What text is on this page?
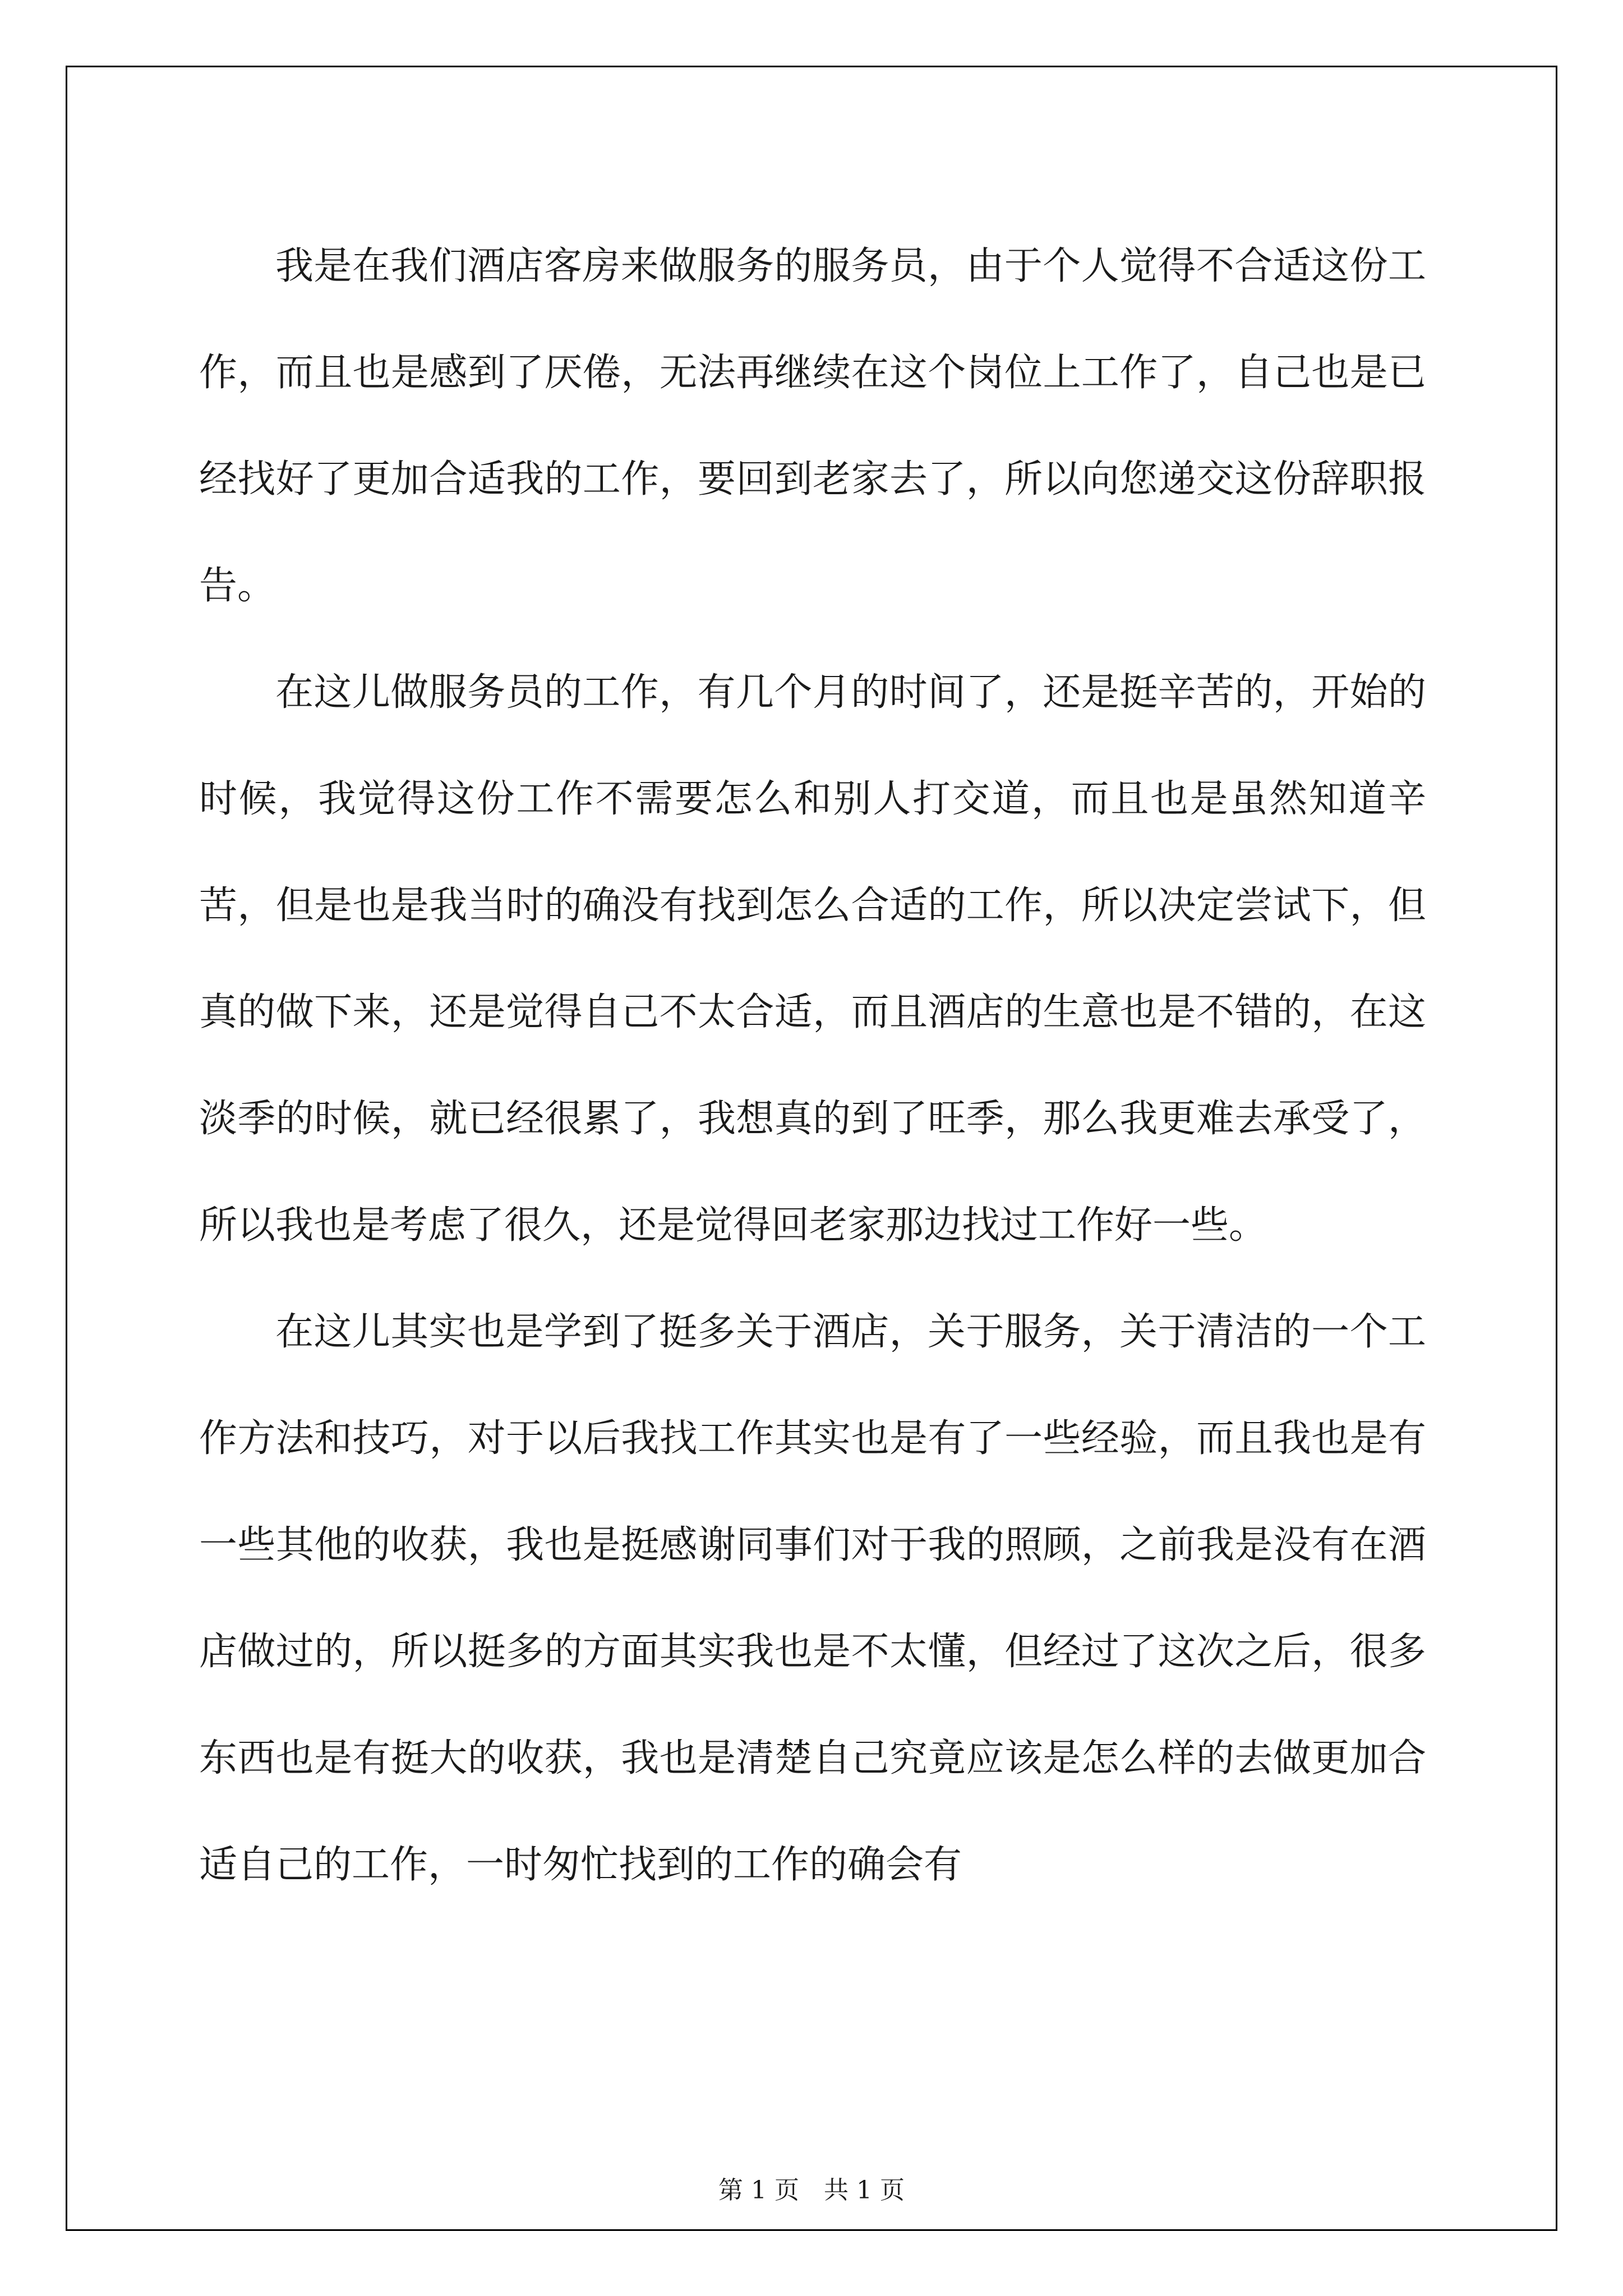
我是在我们酒店客房来做服务的服务员，由于个人觉得不合适这份工作，而且也是感到了厌倦，无法再继续在这个岗位上工作了，自己也是已经找好了更加合适我的工作，要回到老家去了，所以向您递交这份辞职报告。

在这儿做服务员的工作，有几个月的时间了，还是挺辛苦的，开始的时候，我觉得这份工作不需要怎么和别人打交道，而且也是虽然知道辛苦，但是也是我当时的确没有找到怎么合适的工作，所以决定尝试下，但真的做下来，还是觉得自己不太合适，而且酒店的生意也是不错的，在这淡季的时候，就已经很累了，我想真的到了旺季，那么我更难去承受了，所以我也是考虑了很久，还是觉得回老家那边找过工作好一些。

在这儿其实也是学到了挺多关于酒店，关于服务，关于清洁的一个工作方法和技巧，对于以后我找工作其实也是有了一些经验，而且我也是有一些其他的收获，我也是挺感谢同事们对于我的照顾，之前我是没有在酒店做过的，所以挺多的方面其实我也是不太懂，但经过了这次之后，很多东西也是有挺大的收获，我也是清楚自己究竟应该是怎么样的去做更加合适自己的工作，一时匆忙找到的工作的确会有

第 1 页　共 1 页
